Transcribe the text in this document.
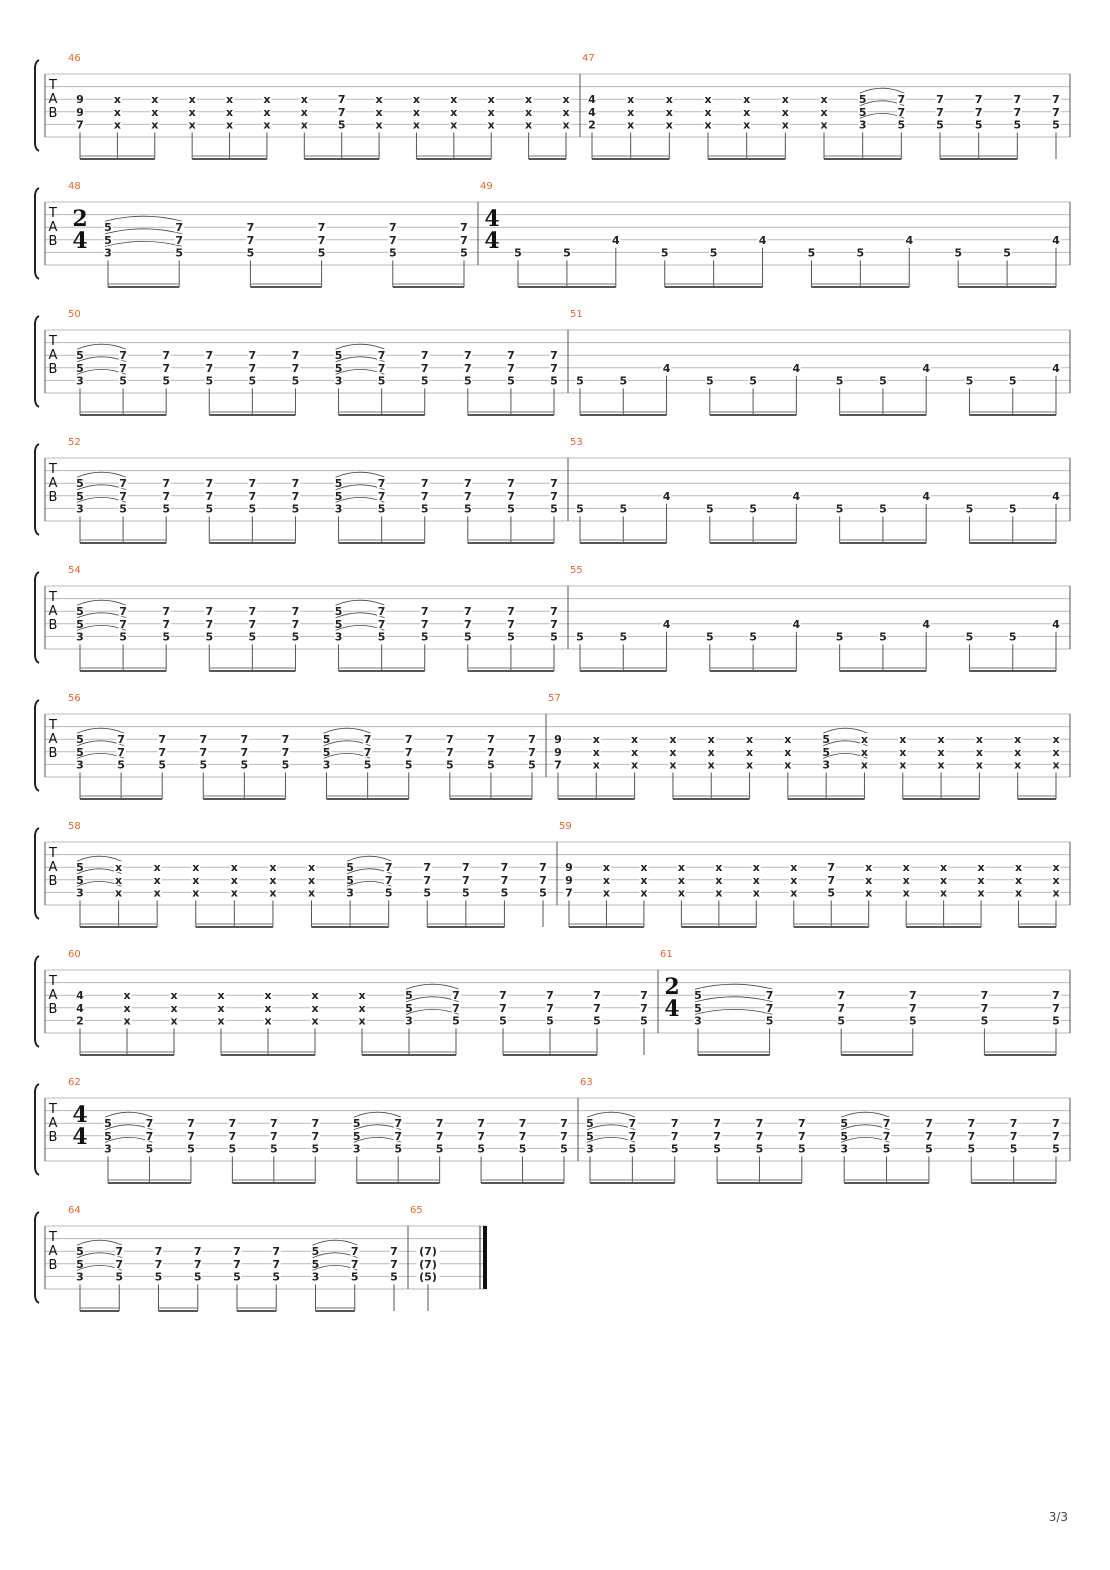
T
A
B
46
9
9
7
x
x
x
x
x
x
x
x
x
x
x
x
x
x
x
x
x
x
7
7
5
x
x
x
x
x
x
x
x
x
x
x
x
x
x
x
x
x
x
47
4
4
2
x
x
x
x
x
x
x
x
x
x
x
x
x
x
x
x
x
x
5
5
3
7
7
5
7
7
5
7
7
5
7
7
5
7
7
5
T
A
B
48
2
4
5
5
3
7
7
5
7
7
5
7
7
5
7
7
5
7
7
5
49
4
4 5	5
4
5	5
4
5	5
4
5	5
4
T
A
B
50
5
5
3
7
7
5
7
7
5
7
7
5
7
7
5
7
7
5
5
5
3
7
7
5
7
7
5
7
7
5
7
7
5
7
7
5
51
5	5
4
5	5
4
5	5
4
5	5
4
T
A
B
52
5
5
3
7
7
5
7
7
5
7
7
5
7
7
5
7
7
5
5
5
3
7
7
5
7
7
5
7
7
5
7
7
5
7
7
5
53
5	5
4
5	5
4
5	5
4
5	5
4
T
A
B
54
5
5
3
7
7
5
7
7
5
7
7
5
7
7
5
7
7
5
5
5
3
7
7
5
7
7
5
7
7
5
7
7
5
7
7
5
55
5	5
4
5	5
4
5	5
4
5	5
4
T
A
B
56
5
5
3
7
7
5
7
7
5
7
7
5
7
7
5
7
7
5
5
5
3
7
7
5
7
7
5
7
7
5
7
7
5
7
7
5
57
9
9
7
x
x
x
x
x
x
x
x
x
x
x
x
x
x
x
x
x
x
5
5
3
x
x
x
x
x
x
x
x
x
x
x
x
x
x
x
x
x
x
T
A
B
58
5
5
3
x
x
x
x
x
x
x
x
x
x
x
x
x
x
x
x
x
x
5
5
3
7
7
5
7
7
5
7
7
5
7
7
5
7
7
5
59
9
9
7
x
x
x
x
x
x
x
x
x
x
x
x
x
x
x
x
x
x
7
7
5
x
x
x
x
x
x
x
x
x
x
x
x
x
x
x
x
x
x
T
A
B
60
4
4
2
x
x
x
x
x
x
x
x
x
x
x
x
x
x
x
x
x
x
5
5
3
7
7
5
7
7
5
7
7
5
7
7
5
7
7
5
61
2
4
5
5
3
7
7
5
7
7
5
7
7
5
7
7
5
7
7
5
T
A
B
62
4
4
5
5
3
7
7
5
7
7
5
7
7
5
7
7
5
7
7
5
5
5
3
7
7
5
7
7
5
7
7
5
7
7
5
7
7
5
63
5
5
3
7
7
5
7
7
5
7
7
5
7
7
5
7
7
5
5
5
3
7
7
5
7
7
5
7
7
5
7
7
5
7
7
5
T
A
B
64
5
5
3
7
7
5
7
7
5
7
7
5
7
7
5
7
7
5
5
5
3
7
7
5
7
7
5
65
(7)
(7)
(5)
3/3
